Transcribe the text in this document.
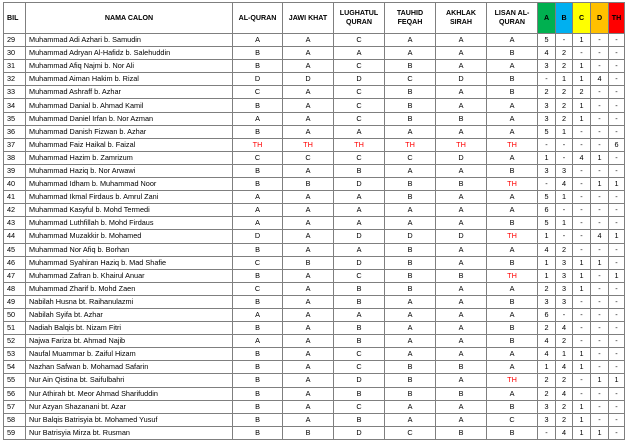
BIL	NAMA CALON	AL-QURAN	JAWI KHAT	LUGHATUL QURAN	TAUHID FEQAH	AKHLAK SIRAH	LISAN AL-QURAN	A	B	C	D	TH
29	Muhammad Adi Azhari b. Samudin	A	A	C	A	A	A	5	-	1	-	-
30	Muhammad Adryan Al-Hafidz b. Salehuddin	B	A	A	A	A	B	4	2	-	-	-
31	Muhammad Afiq Najmi b. Nor Ali	B	A	C	B	A	A	3	2	1	-	-
32	Muhammad Aiman Hakim b. Rizal	D	D	D	C	D	B	-	1	1	4	-
33	Muhammad Ashraff b. Azhar	C	A	C	B	A	B	2	2	2	-	-
34	Muhammad Danial b. Ahmad Kamil	B	A	C	B	A	A	3	2	1	-	-
35	Muhammad Daniel Irfan b. Nor Azman	A	A	C	B	B	A	3	2	1	-	-
36	Muhammad Danish Fizwan b. Azhar	B	A	A	A	A	A	5	1	-	-	-
37	Muhammad Faiz Haikal b. Faizal	TH	TH	TH	TH	TH	TH	-	-	-	-	6
38	Muhammad Hazim b. Zamrizum	C	C	C	C	D	A	1	-	4	1	-
39	Muhammad Haziq b. Nor Arwawi	B	A	B	A	A	B	3	3	-	-	-
40	Muhammad Idham b. Muhammad Noor	B	B	D	B	B	TH	-	4	-	1	1
41	Muhammad Ikmal Firdaus b. Amrul Zani	A	A	A	B	A	A	5	1	-	-	-
42	Muhammad Kasyful b. Mohd Termedi	A	A	A	A	A	A	6	-	-	-	-
43	Muhammad Luthfillah b. Mohd Firdaus	A	A	A	A	A	B	5	1	-	-	-
44	Muhammad Muzakkir b. Mohamed	D	A	D	D	D	TH	1	-	-	4	1
45	Muhammad Nor Afiq b. Borhan	B	A	A	B	A	A	4	2	-	-	-
46	Muhammad Syahiran Haziq b. Mad Shafie	C	B	D	B	A	B	1	3	1	1	-
47	Muhammad Zafran b. Khairul Anuar	B	A	C	B	B	TH	1	3	1	-	1
48	Muhammad Zharif b. Mohd Zaen	C	A	B	B	A	A	2	3	1	-	-
49	Nabilah Husna bt. Raihanulazmi	B	A	B	A	A	B	3	3	-	-	-
50	Nabilah Syifa bt. Azhar	A	A	A	A	A	A	6	-	-	-	-
51	Nadiah Balqis bt. Nizam Fitri	B	A	B	A	A	B	2	4	-	-	-
52	Najwa Fariza bt. Ahmad Najib	A	A	B	A	A	B	4	2	-	-	-
53	Naufal Muammar b. Zaiful Hizam	B	A	C	A	A	A	4	1	1	-	-
54	Nazhan Safwan b. Mohamad Safarin	B	A	C	B	B	A	1	4	1	-	-
55	Nur Ain Qistina bt. Saifulbahri	B	A	D	B	A	TH	2	2	-	1	1
56	Nur Athirah bt. Meor Ahmad Sharifuddin	B	A	B	B	B	A	2	4	-	-	-
57	Nur Azyan Shazanani bt. Azar	B	A	C	A	A	B	3	2	1	-	-
58	Nur Balqis Batrisyia bt. Mohamed Yusuf	B	A	B	A	A	C	3	2	1	-	-
59	Nur Batrisyia Mirza bt. Rusman	B	B	D	C	B	B	-	4	1	1	-
